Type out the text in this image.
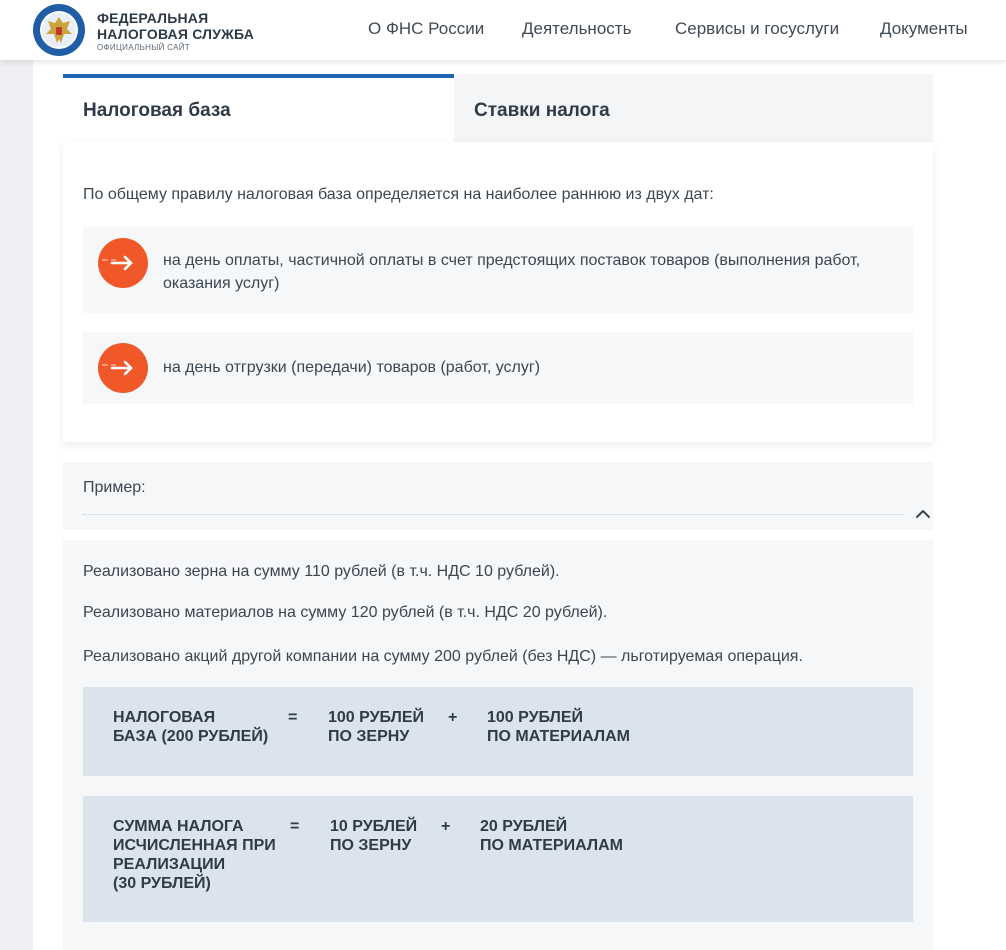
ФЕДЕРАЛЬНАЯ
НАЛОГОВАЯ СЛУЖБА
ОФИЦИАЛЬНЫЙ САЙТ
О ФНС России Деятельность	Сервисы и госуслуги Документы
Налоговая база	Ставки налога
По общему правилу налоговая база определяется на наиболее раннюю из двух дат:
на день оплаты, частичной оплаты в счет предстоящих поставок товаров (выполнения работ, оказания услуг)
на день отгрузки (передачи) товаров (работ, услуг)
Пример:
Реализовано зерна на сумму 110 рублей (в т.ч. НДС 10 рублей).
Реализовано материалов на сумму 120 рублей (в т.ч. НДС 20 рублей).
Реализовано акций другой компании на сумму 200 рублей (без НДС) — льготируемая операция.
НАЛОГОВАЯ
БАЗА (200 РУБЛЕЙ)
= 100 РУБЛЕЙ
ПО ЗЕРНУ
+ 100 РУБЛЕЙ
ПО МАТЕРИАЛАМ
СУММА НАЛОГА
ИСЧИСЛЕННАЯ ПРИ
РЕАЛИЗАЦИИ
(30 РУБЛЕЙ)
= 10 РУБЛЕЙ
ПО ЗЕРНУ
+ 20 РУБЛЕЙ
ПО МАТЕРИАЛАМ
